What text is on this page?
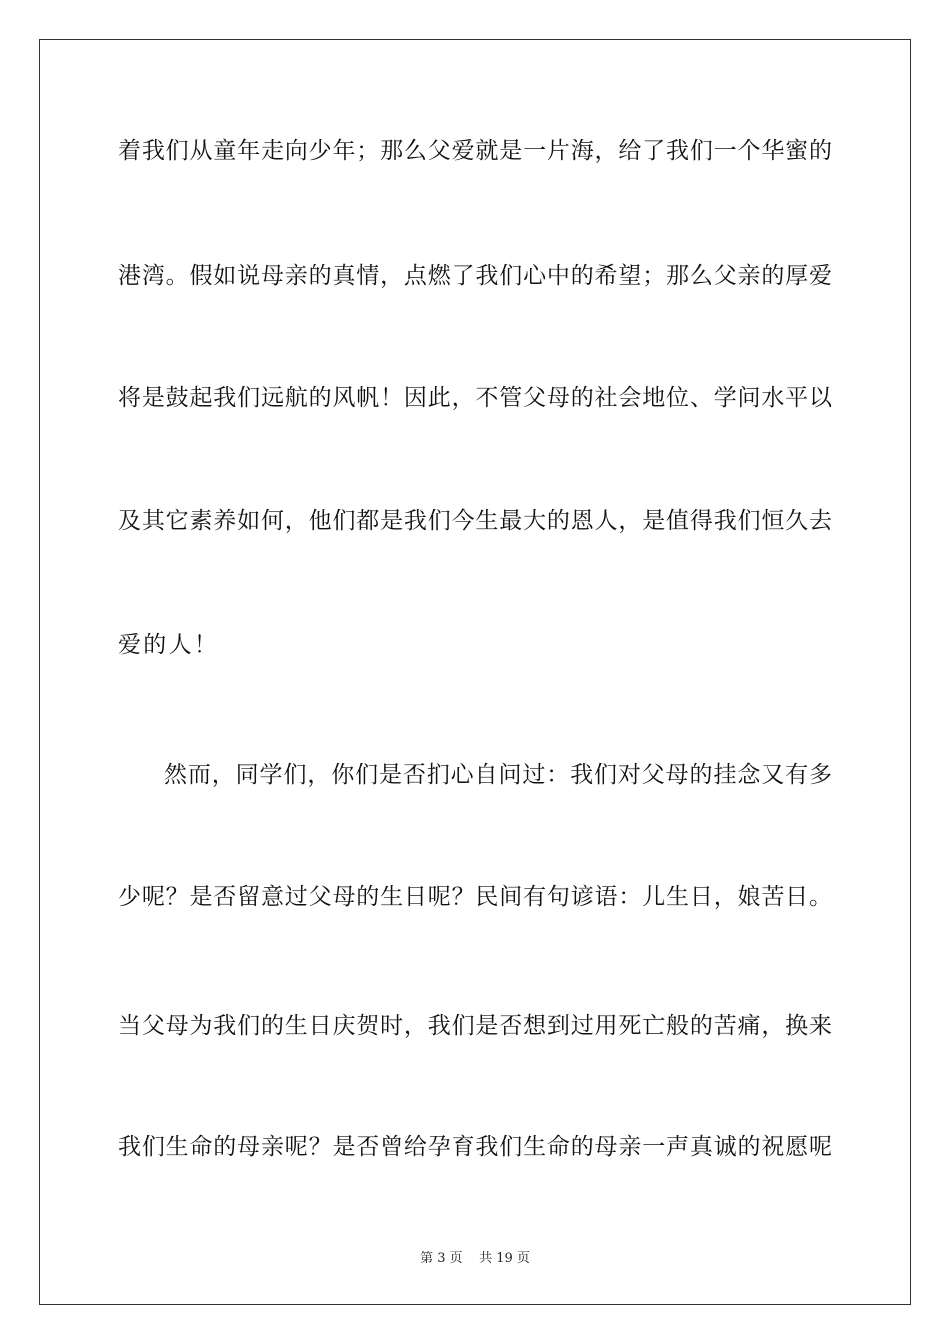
着我们从童年走向少年；那么父爱就是一片海，给了我们一个华蜜的
港湾。假如说母亲的真情，点燃了我们心中的希望；那么父亲的厚爱
将是鼓起我们远航的风帆！因此，不管父母的社会地位、学问水平以
及其它素养如何，他们都是我们今生最大的恩人，是值得我们恒久去
爱的人！
然而，同学们，你们是否扪心自问过：我们对父母的挂念又有多
少呢？是否留意过父母的生日呢？民间有句谚语：儿生日，娘苦日。
当父母为我们的生日庆贺时，我们是否想到过用死亡般的苦痛，换来
我们生命的母亲呢？是否曾给孕育我们生命的母亲一声真诚的祝愿呢
第 3 页    共 19 页
